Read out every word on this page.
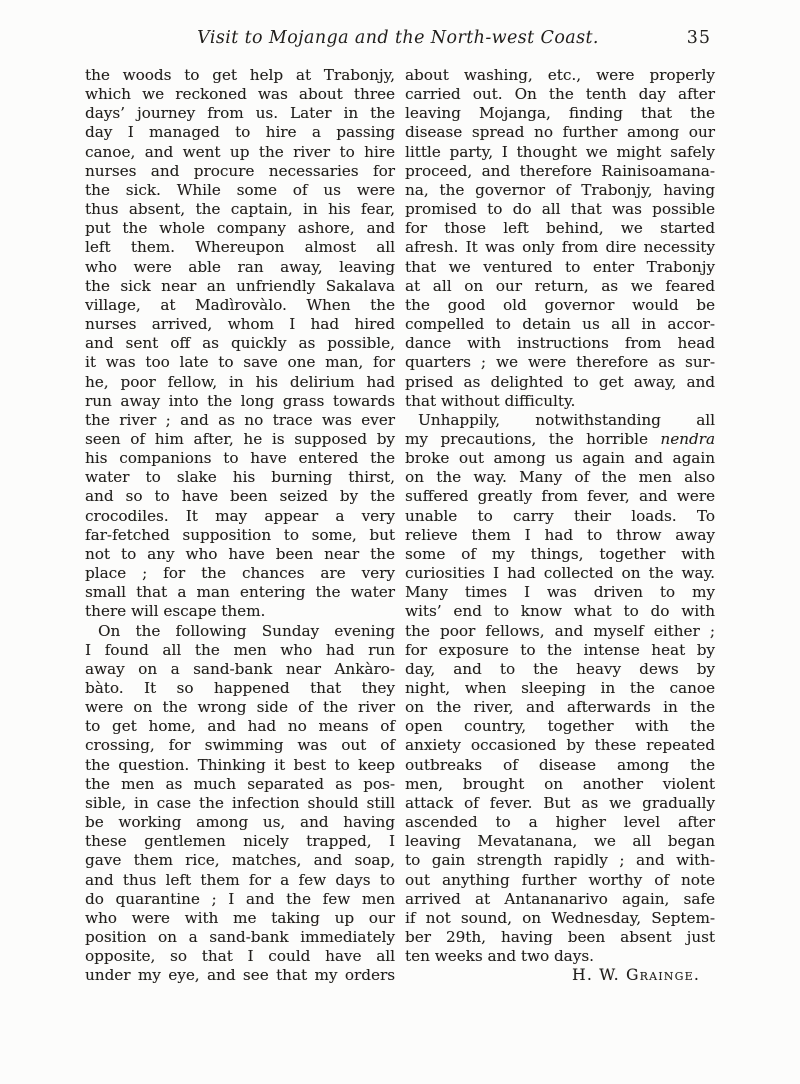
Visit to Mojanga and the North-west Coast.	35
the woods to get help at Trabonjy,
which we reckoned was about three
days’ journey from us. Later in the
day I managed to hire a passing
canoe, and went up the river to hire
nurses and procure necessaries for
the sick. While some of us were
thus absent, the captain, in his fear,
put the whole company ashore, and
left them. Whereupon almost all
who were able ran away, leaving
the sick near an unfriendly Sakalava
village, at Madìrovàlo. When the
nurses arrived, whom I had hired
and sent off as quickly as possible,
it was too late to save one man, for
he, poor fellow, in his delirium had
run away into the long grass towards
the river ; and as no trace was ever
seen of him after, he is supposed by
his companions to have entered the
water to slake his burning thirst,
and so to have been seized by the
crocodiles. It may appear a very
far-fetched supposition to some, but
not to any who have been near the
place ; for the chances are very
small that a man entering the water
there will escape them.
On the following Sunday evening
I found all the men who had run
away on a sand-bank near Ankàro-
bàto. It so happened that they
were on the wrong side of the river
to get home, and had no means of
crossing, for swimming was out of
the question. Thinking it best to keep
the men as much separated as pos-
sible, in case the infection should still
be working among us, and having
these gentlemen nicely trapped, I
gave them rice, matches, and soap,
and thus left them for a few days to
do quarantine ; I and the few men
who were with me taking up our
position on a sand-bank immediately
opposite, so that I could have all
under my eye, and see that my orders
about washing, etc., were properly
carried out. On the tenth day after
leaving Mojanga, finding that the
disease spread no further among our
little party, I thought we might safely
proceed, and therefore Rainisoamana-
na, the governor of Trabonjy, having
promised to do all that was possible
for those left behind, we started
afresh. It was only from dire necessity
that we ventured to enter Trabonjy
at all on our return, as we feared
the good old governor would be
compelled to detain us all in accor-
dance with instructions from head
quarters ; we were therefore as sur-
prised as delighted to get away, and
that without difficulty.
Unhappily, notwithstanding all
my precautions, the horrible nendra
broke out among us again and again
on the way. Many of the men also
suffered greatly from fever, and were
unable to carry their loads. To
relieve them I had to throw away
some of my things, together with
curiosities I had collected on the way.
Many times I was driven to my
wits’ end to know what to do with
the poor fellows, and myself either ;
for exposure to the intense heat by
day, and to the heavy dews by
night, when sleeping in the canoe
on the river, and afterwards in the
open country, together with the
anxiety occasioned by these repeated
outbreaks of disease among the
men, brought on another violent
attack of fever. But as we gradually
ascended to a higher level after
leaving Mevatanana, we all began
to gain strength rapidly ; and with-
out anything further worthy of note
arrived at Antananarivo again, safe
if not sound, on Wednesday, Septem-
ber 29th, having been absent just
ten weeks and two days.
H. W. Grainge.
